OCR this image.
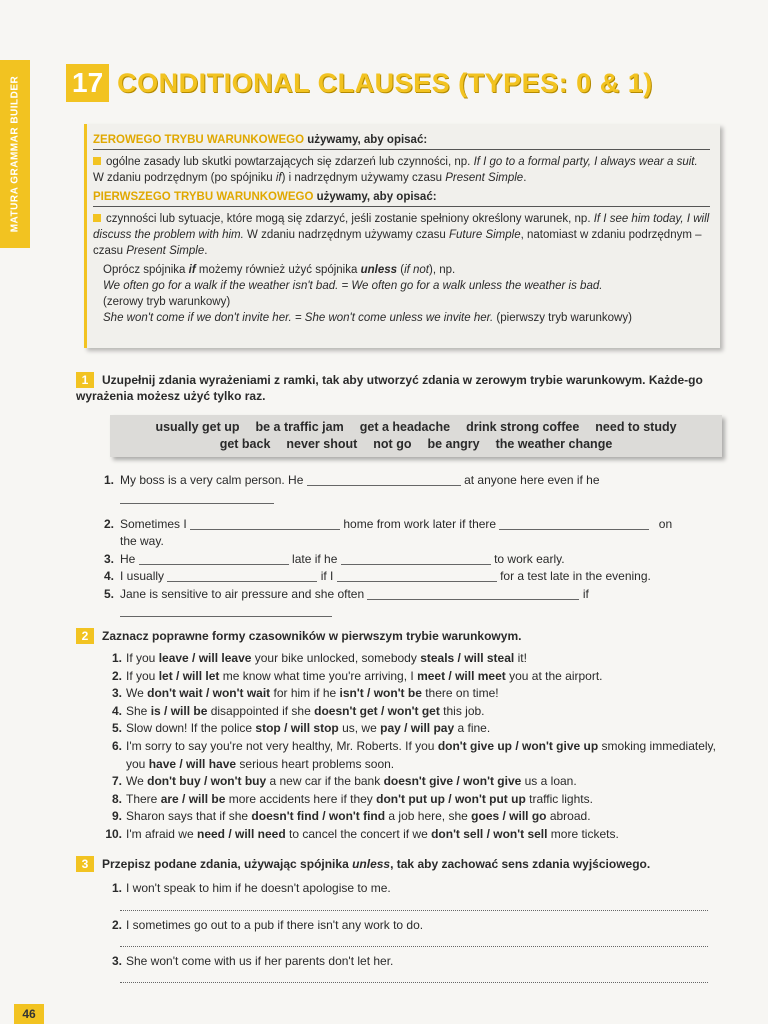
MATURA GRAMMAR BUILDER 17 CONDITIONAL CLAUSES (TYPES: 0 & 1)
ZEROWEGO TRYBU WARUNKOWEGO używamy, aby opisać:

ogólne zasady lub skutki powtarzających się zdarzeń lub czynności, np. If I go to a formal party, I always wear a suit. W zdaniu podrzędnym (po spójniku if) i nadrzędnym używamy czasu Present Simple.

PIERWSZEGO TRYBU WARUNKOWEGO używamy, aby opisać:

czynności lub sytuacje, które mogą się zdarzyć, jeśli zostanie spełniony określony warunek, np. If I see him today, I will discuss the problem with him. W zdaniu nadrzędnym używamy czasu Future Simple, natomiast w zdaniu podrzędnym – czasu Present Simple.

Oprócz spójnika if możemy również użyć spójnika unless (if not), np.
We often go for a walk if the weather isn't bad. = We often go for a walk unless the weather is bad.
(zerowy tryb warunkowy)
She won't come if we don't invite her. = She won't come unless we invite her. (pierwszy tryb warunkowy)
1 Uzupełnij zdania wyrażeniami z ramki, tak aby utworzyć zdania w zerowym trybie warunkowym. Każde-go wyrażenia możesz użyć tylko raz.
usually get up be a traffic jam get a headache drink strong coffee need to study
get back never shout not go be angry the weather change
1. My boss is a very calm person. He	at anyone here even if he
2. Sometimes I	home from work later if there	on
the way.
3. He	late if he	to work early.
4. I usually	if I	for a test late in the evening.
5. Jane is sensitive to air pressure and she often	if
2 Zaznacz poprawne formy czasowników w pierwszym trybie warunkowym.
1. If you leave / will leave your bike unlocked, somebody steals / will steal it!
2. If you let / will let me know what time you're arriving, I meet / will meet you at the airport.
3. We don't wait / won't wait for him if he isn't / won't be there on time!
4. She is / will be disappointed if she doesn't get / won't get this job.
5. Slow down! If the police stop / will stop us, we pay / will pay a fine.
6. I'm sorry to say you're not very healthy, Mr. Roberts. If you don't give up / won't give up smoking immediately, you have / will have serious heart problems soon.
7. We don't buy / won't buy a new car if the bank doesn't give / won't give us a loan.
8. There are / will be more accidents here if they don't put up / won't put up traffic lights.
9. Sharon says that if she doesn't find / won't find a job here, she goes / will go abroad.
10. I'm afraid we need / will need to cancel the concert if we don't sell / won't sell more tickets.
3 Przepisz podane zdania, używając spójnika unless, tak aby zachować sens zdania wyjściowego.
1. I won't speak to him if he doesn't apologise to me.
2. I sometimes go out to a pub if there isn't any work to do.
3. She won't come with us if her parents don't let her.
46
